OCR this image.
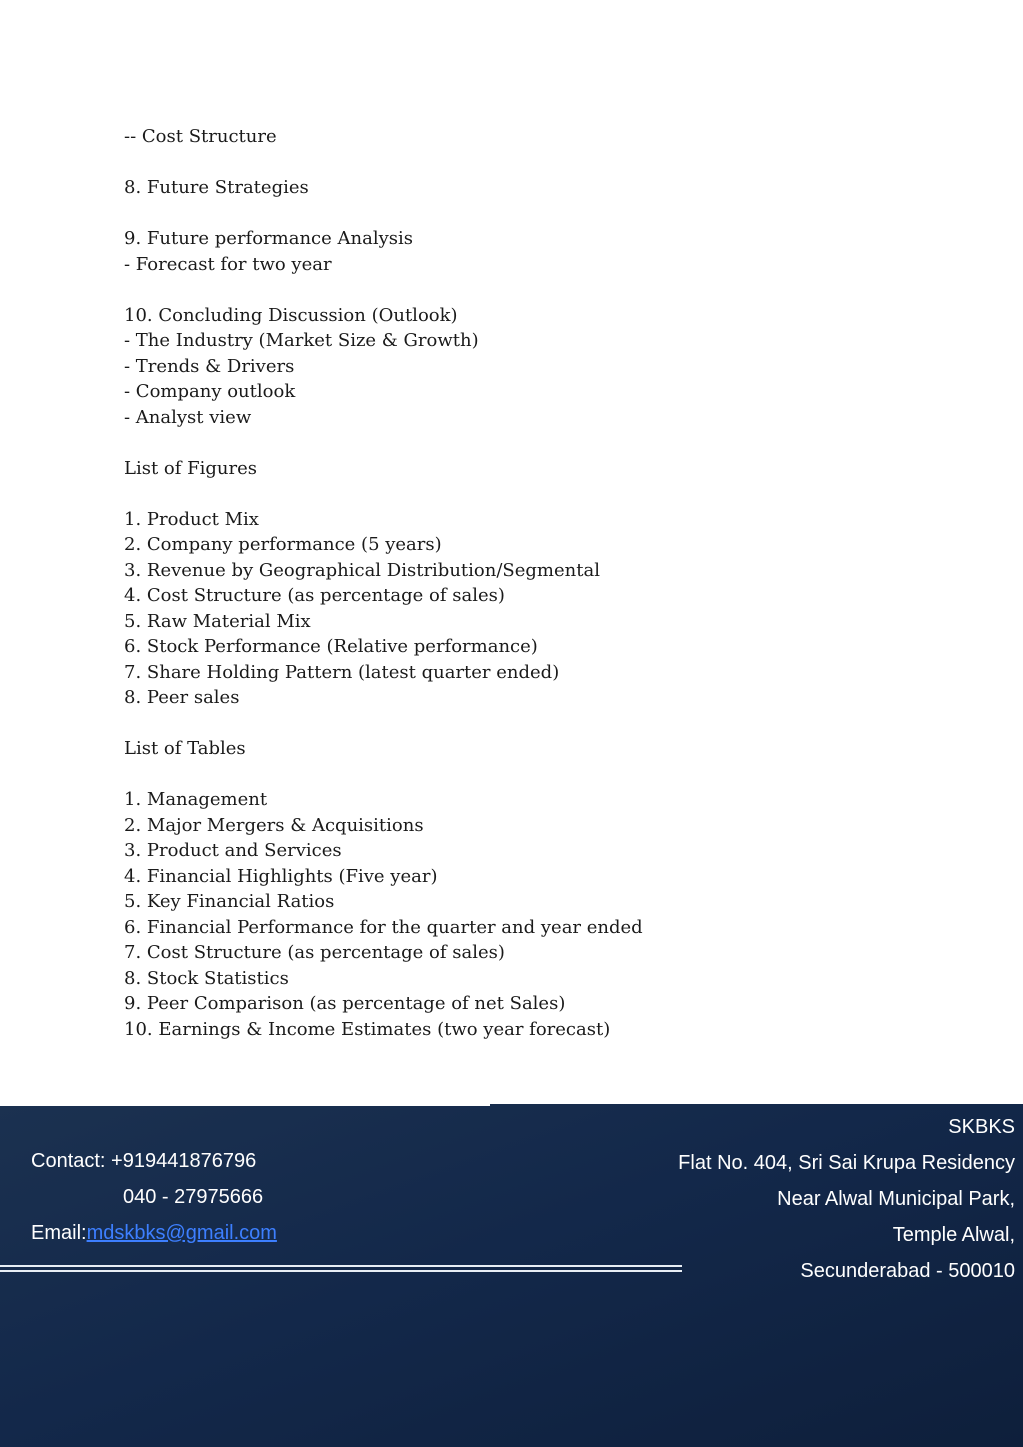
-- Cost Structure
8. Future Strategies
9. Future performance Analysis
- Forecast for two year
10. Concluding Discussion (Outlook)
- The Industry (Market Size & Growth)
- Trends & Drivers
- Company outlook
- Analyst view
List of Figures
1. Product Mix
2. Company performance (5 years)
3. Revenue by Geographical Distribution/Segmental
4. Cost Structure (as percentage of sales)
5. Raw Material Mix
6. Stock Performance (Relative performance)
7. Share Holding Pattern (latest quarter ended)
8. Peer sales
List of Tables
1. Management
2. Major Mergers & Acquisitions
3. Product and Services
4. Financial Highlights (Five year)
5. Key Financial Ratios
6. Financial Performance for the quarter and year ended
7. Cost Structure (as percentage of sales)
8. Stock Statistics
9. Peer Comparison (as percentage of net Sales)
10. Earnings & Income Estimates (two year forecast)
Contact: +919441876796
040 - 27975666
Email:mdskbks@gmail.com
SKBKS
Flat No. 404, Sri Sai Krupa Residency
Near Alwal Municipal Park,
Temple Alwal,
Secunderabad - 500010
